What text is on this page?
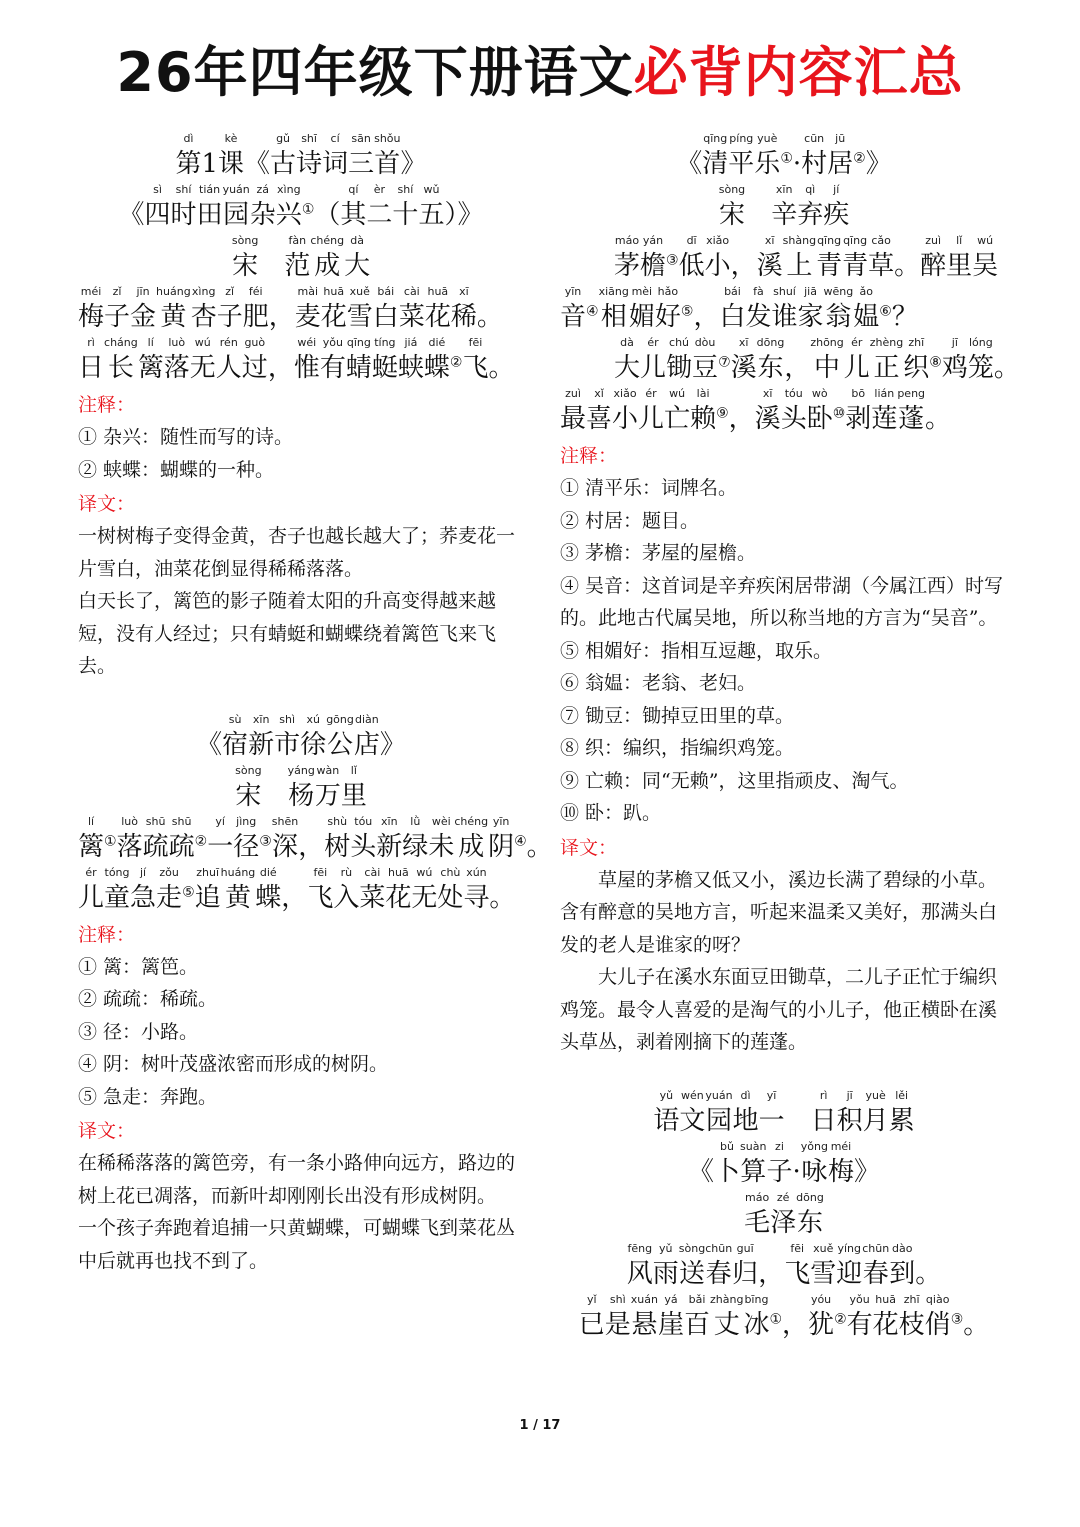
26年四年级下册语文必背内容汇总
dì
第 1
kè
课 《
gǔ
古
shī
诗
cí
词
sān
三
shǒu
首 》
《
sì
四
shí
时
tián
田
yuán
园
zá
杂
xìng
兴 ① （
qí
其
èr
二
shí
十
wǔ
五 ）》
sòng
宋

fàn
范
chéng
成
dà
大
méi
梅
zǐ
子
jīn
金
huáng
黄
xìng
杏
zǐ
子
féi
肥 ，
mài
麦
huā
花
xuě
雪
bái
白
cài
菜
huā
花
xī
稀 。
rì
日
cháng
长
lí
篱
luò
落
wú
无
rén
人
guò
过 ，
wéi
惟
yǒu
有
qīng
蜻
tíng
蜓
jiá
蛱
dié
蝶 ②
fēi
飞 。
注释：
① 杂兴：随性而写的诗。
② 蛱蝶：蝴蝶的一种。
译文：
一树树梅子变得金黄，杏子也越长越大了；荞麦花一片雪白，油菜花倒显得稀稀落落。
白天长了，篱笆的影子随着太阳的升高变得越来越短，没有人经过；只有蜻蜓和蝴蝶绕着篱笆飞来飞去。
《
sù
宿
xīn
新
shì
市
xú
徐
gōng
公
diàn
店 》
sòng
宋

yáng
杨
wàn
万
lǐ
里
lí
篱 ①
luò
落
shū
疏
shū
疏 ②
yí
一
jìng
径 ③
shēn
深 ，
shù
树
tóu
头
xīn
新
lǜ
绿
wèi
未
chéng
成
yīn
阴 ④ 。
ér
儿
tóng
童
jí
急
zǒu
走 ⑤
zhuī
追
huáng
黄
dié
蝶 ，
fēi
飞
rù
入
cài
菜
huā
花
wú
无
chù
处
xún
寻 。
注释：
① 篱：篱笆。
② 疏疏：稀疏。
③ 径：小路。
④ 阴：树叶茂盛浓密而形成的树阴。
⑤ 急走：奔跑。
译文：
在稀稀落落的篱笆旁，有一条小路伸向远方，路边的树上花已凋落，而新叶却刚刚长出没有形成树阴。
一个孩子奔跑着追捕一只黄蝴蝶，可蝴蝶飞到菜花丛中后就再也找不到了。
《
qīng
清
píng
平
yuè
乐 ① ·
cūn
村
jū
居 ② 》
sòng
宋

xīn
辛
qì
弃
jí
疾
máo
茅
yán
檐 ③
dī
低
xiǎo
小 ，
xī
溪
shàng
上
qīng
青
qīng
青
cǎo
草 。
zuì
醉
lǐ
里
wú
吴
yīn
音 ④
xiāng
相
mèi
媚
hǎo
好 ⑤ ，
bái
白
fà
发
shuí
谁
jiā
家
wēng
翁
ǎo
媪 ⑥ ？
dà
大
ér
儿
chú
锄
dòu
豆 ⑦
xī
溪
dōng
东 ，
zhōng
中
ér
儿
zhèng
正
zhī
织 ⑧
jī
鸡
lóng
笼 。
zuì
最
xǐ
喜
xiǎo
小
ér
儿
wú
亡
lài
赖 ⑨ ，
xī
溪
tóu
头
wò
卧 ⑩
bō
剥
lián
莲
peng
蓬 。
注释：
① 清平乐：词牌名。
② 村居：题目。
③ 茅檐：茅屋的屋檐。
④ 吴音：这首词是辛弃疾闲居带湖（今属江西）时写的。此地古代属吴地，所以称当地的方言为“吴音”。
⑤ 相媚好：指相互逗趣，取乐。
⑥ 翁媪：老翁、老妇。
⑦ 锄豆：锄掉豆田里的草。
⑧ 织：编织，指编织鸡笼。
⑨ 亡赖：同“无赖”，这里指顽皮、淘气。
⑩ 卧：趴。
译文：
草屋的茅檐又低又小，溪边长满了碧绿的小草。含有醉意的吴地方言，听起来温柔又美好，那满头白发的老人是谁家的呀？
大儿子在溪水东面豆田锄草，二儿子正忙于编织鸡笼。最令人喜爱的是淘气的小儿子，他正横卧在溪头草丛，剥着刚摘下的莲蓬。
yǔ
语
wén
文
yuán
园
dì
地
yī
一

rì
日
jī
积
yuè
月
lěi
累
《
bǔ
卜
suàn
算
zi
子 ·
yǒng
咏
méi
梅 》
máo
毛
zé
泽
dōng
东
fēng
风
yǔ
雨
sòng
送
chūn
春
guī
归 ，
fēi
飞
xuě
雪
yíng
迎
chūn
春
dào
到 。
yǐ
已
shì
是
xuán
悬
yá
崖
bǎi
百
zhàng
丈
bīng
冰 ① ，
yóu
犹 ②
yǒu
有
huā
花
zhī
枝
qiào
俏 ③ 。
1 / 17
